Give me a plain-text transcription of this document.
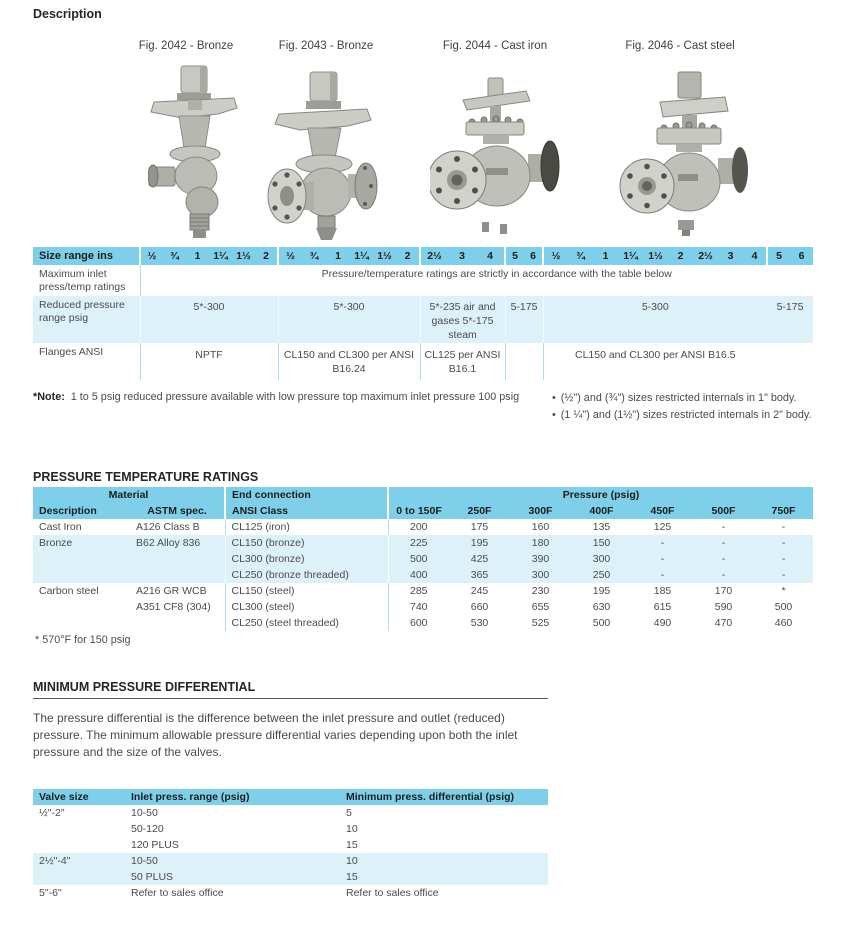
Description
Fig. 2042 - Bronze	Fig. 2043 - Bronze	Fig. 2044 - Cast iron	Fig. 2046 - Cast steel
Size range ins	½	¾	1	1¼	1½	2	½	¾	1	1¼	1½	2	2½	3	4	5	6	½	¾	1	1¼	1½	2	2½	3	4	5	6
Maximum inlet press/temp ratings	Pressure/temperature ratings are strictly in accordance with the table below																											
Reduced pressure range psig	5*-300						5*-300						5*-235 air and gases 5*-175 steam			5-175		5-300									5-175	
Flanges ANSI	NPTF						CL150 and CL300 per ANSI B16.24						CL125 per ANSI B16.1					CL150 and CL300 per ANSI B16.5										
*Note: 1 to 5 psig reduced pressure available with low pressure top maximum inlet pressure 100 psig	• (½") and (¾") sizes restricted internals in 1" body.
• (1 ¼") and (1½") sizes restricted internals in 2" body.
PRESSURE TEMPERATURE RATINGS
Material		End connection	Pressure (psig)						
Description	ASTM spec.	ANSI Class	0 to 150F	250F	300F	400F	450F	500F	750F
Cast Iron	A126 Class B	CL125 (iron)	200	175	160	135	125	-	-
Bronze	B62 Alloy 836	CL150 (bronze)	225	195	180	150	-	-	-
		CL300 (bronze)	500	425	390	300	-	-	-
		CL250 (bronze threaded)	400	365	300	250	-	-	-
Carbon steel	A216 GR WCB	CL150 (steel)	285	245	230	195	185	170	*
	A351 CF8 (304)	CL300 (steel)	740	660	655	630	615	590	500
		CL250 (steel threaded)	600	530	525	500	490	470	460
* 570°F for 150 psig
MINIMUM PRESSURE DIFFERENTIAL
The pressure differential is the difference between the inlet pressure and outlet (reduced) pressure. The minimum allowable pressure differential varies depending upon both the inlet pressure and the size of the valves.
Valve size	Inlet press. range (psig)	Minimum press. differential (psig)
½"-2"	10-50	5
	50-120	10
	120 PLUS	15
2½"-4"	10-50	10
	50 PLUS	15
5"-6"	Refer to sales office	Refer to sales office
